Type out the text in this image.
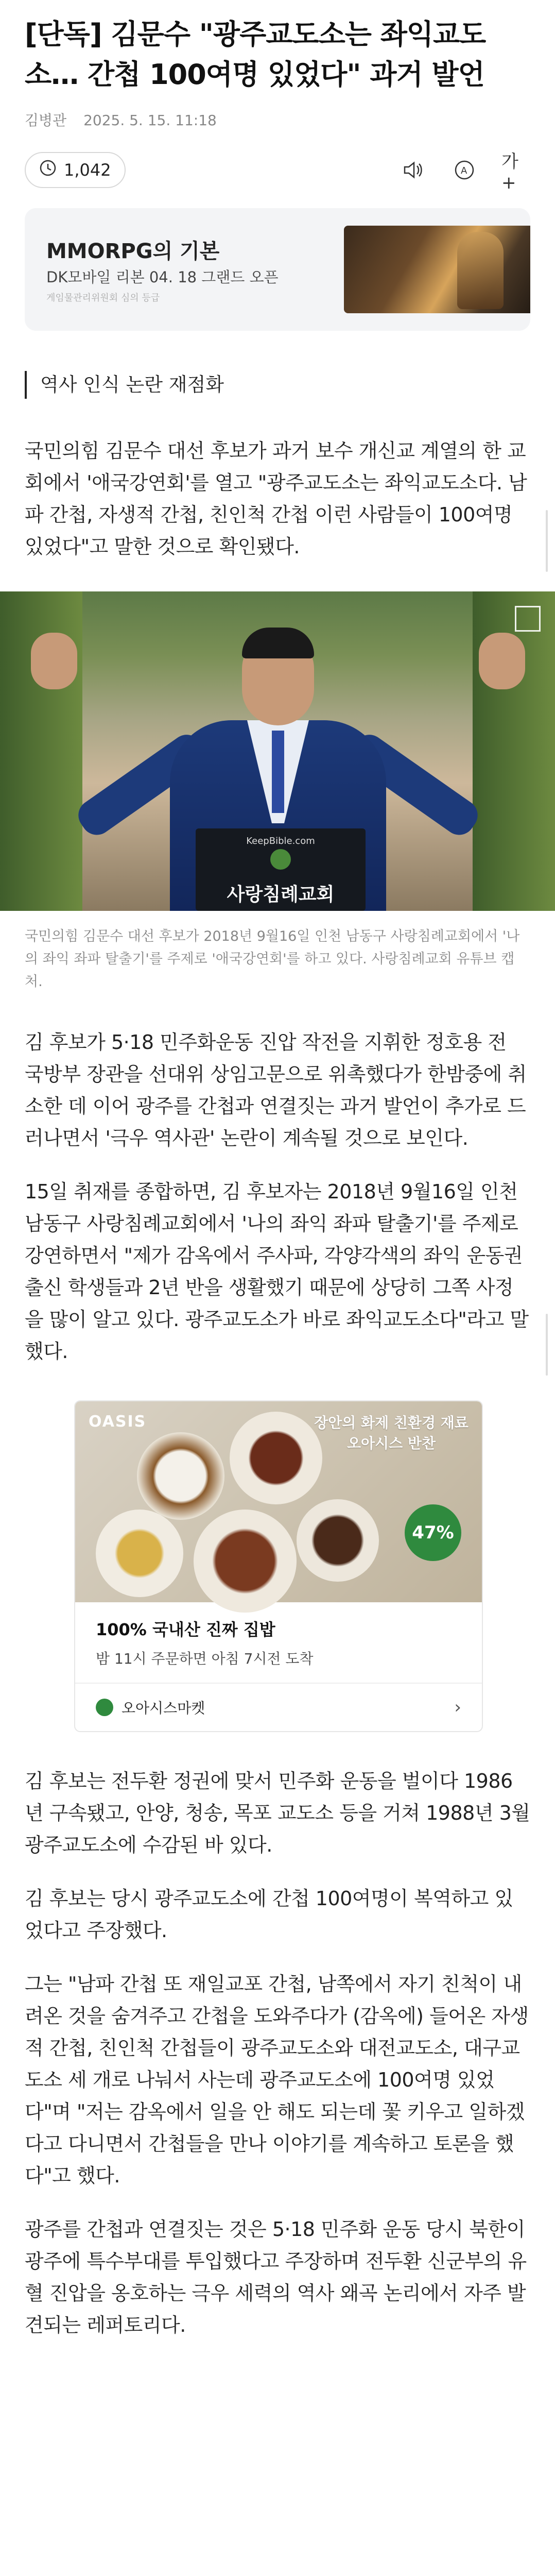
[단독] 김문수 "광주교도소는 좌익교도소… 간첩 100여명 있었다" 과거 발언
김병관 2025. 5. 15. 11:18
1,042	A 가+
MMORPG의 기본
DK모바일 리본 04. 18 그랜드 오픈
게임물관리위원회 심의 등급
역사 인식 논란 재점화

국민의힘 김문수 대선 후보가 과거 보수 개신교 계열의 한 교회에서 '애국강연회'를 열고 "광주교도소는 좌익교도소다. 남파 간첩, 자생적 간첩, 친인척 간첩 이런 사람들이 100여명 있었다"고 말한 것으로 확인됐다.

KeepBible.com
사랑침례교회
국민의힘 김문수 대선 후보가 2018년 9월16일 인천 남동구 사랑침례교회에서 '나의 좌익 좌파 탈출기'를 주제로 '애국강연회'를 하고 있다. 사랑침례교회 유튜브 캡처.

김 후보가 5·18 민주화운동 진압 작전을 지휘한 정호용 전 국방부 장관을 선대위 상임고문으로 위촉했다가 한밤중에 취소한 데 이어 광주를 간첩과 연결짓는 과거 발언이 추가로 드러나면서 '극우 역사관' 논란이 계속될 것으로 보인다.

15일 취재를 종합하면, 김 후보자는 2018년 9월16일 인천 남동구 사랑침례교회에서 '나의 좌익 좌파 탈출기'를 주제로 강연하면서 "제가 감옥에서 주사파, 각양각색의 좌익 운동권 출신 학생들과 2년 반을 생활했기 때문에 상당히 그쪽 사정을 많이 알고 있다. 광주교도소가 바로 좌익교도소다"라고 말했다.

OASIS	장안의 화제 친환경 재료 오아시스 반찬
47%
100% 국내산 진짜 집밥
밤 11시 주문하면 아침 7시전 도착
오아시스마켓	›

김 후보는 전두환 정권에 맞서 민주화 운동을 벌이다 1986년 구속됐고, 안양, 청송, 목포 교도소 등을 거쳐 1988년 3월 광주교도소에 수감된 바 있다.

김 후보는 당시 광주교도소에 간첩 100여명이 복역하고 있었다고 주장했다.

그는 "남파 간첩 또 재일교포 간첩, 남쪽에서 자기 친척이 내려온 것을 숨겨주고 간첩을 도와주다가 (감옥에) 들어온 자생적 간첩, 친인척 간첩들이 광주교도소와 대전교도소, 대구교도소 세 개로 나눠서 사는데 광주교도소에 100여명 있었다"며 "저는 감옥에서 일을 안 해도 되는데 꽃 키우고 일하겠다고 다니면서 간첩들을 만나 이야기를 계속하고 토론을 했다"고 했다.

광주를 간첩과 연결짓는 것은 5·18 민주화 운동 당시 북한이 광주에 특수부대를 투입했다고 주장하며 전두환 신군부의 유혈 진압을 옹호하는 극우 세력의 역사 왜곡 논리에서 자주 발견되는 레퍼토리다.
